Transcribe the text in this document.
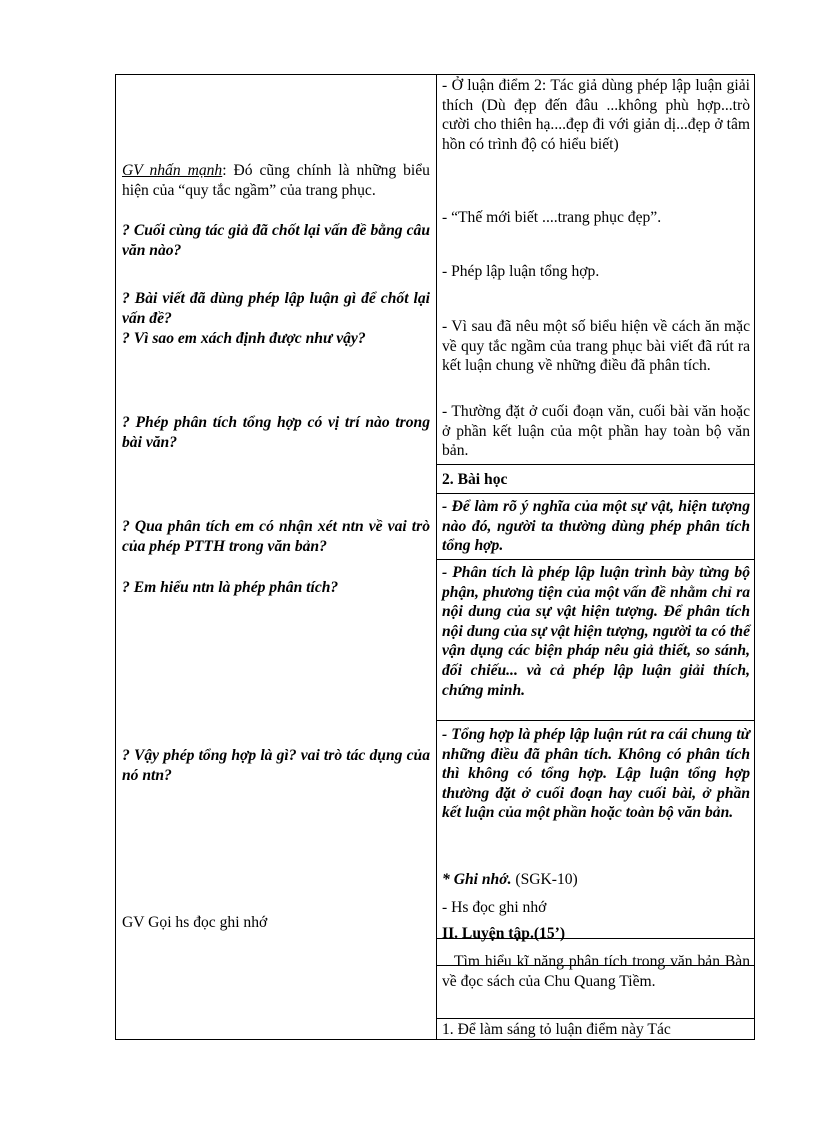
GV nhấn mạnh: Đó cũng chính là những biểu hiện của “quy tắc ngầm” của trang phục.
? Cuối cùng tác giả đã chốt lại vấn đề bằng câu văn nào?
? Bài viết đã dùng phép lập luận gì để chốt lại vấn đề?
? Vì sao em xách định được như vậy?
? Phép phân tích tổng hợp có vị trí nào trong bài văn?
? Qua phân tích em có nhận xét ntn về vai trò của phép PTTH trong văn bản?
? Em hiểu ntn là phép phân tích?
? Vậy phép tổng hợp là gì? vai trò tác dụng của nó ntn?
GV Gọi hs đọc ghi nhớ
- Ở luận điểm 2: Tác giả dùng phép lập luận giải thích (Dù đẹp đến đâu ...không phù hợp...trò cười cho thiên hạ....đẹp đi với giản dị...đẹp ở tâm hồn có trình độ có hiểu biết)
- “Thế mới biết ....trang phục đẹp”.
- Phép lập luận tổng hợp.
- Vì sau đã nêu một số biểu hiện về cách ăn mặc về quy tắc ngầm của trang phục bài viết đã rút ra kết luận chung về những điều đã phân tích.
- Thường đặt ở cuối đoạn văn, cuối bài văn hoặc ở phần kết luận của một phần hay toàn bộ văn bản.
2. Bài học
- Để làm rõ ý nghĩa của một sự vật, hiện tượng nào đó, người ta thường dùng phép phân tích tổng hợp.
- Phân tích là phép lập luận trình bày từng bộ phận, phương tiện của một vấn đề nhằm chỉ ra nội dung của sự vật hiện tượng. Để phân tích nội dung của sự vật hiện tượng, người ta có thể vận dụng các biện pháp nêu giả thiết, so sánh, đối chiếu... và cả phép lập luận giải thích, chứng minh.
- Tổng hợp là phép lập luận rút ra cái chung từ những điều đã phân tích. Không có phân tích thì không có tổng hợp. Lập luận tổng hợp thường đặt ở cuối đoạn hay cuối bài, ở phần kết luận của một phần hoặc toàn bộ văn bản.
* Ghi nhớ. (SGK-10)
- Hs đọc ghi nhớ
II. Luyện tập.(15’)
Tìm hiểu kĩ năng phân tích trong văn bản Bàn về đọc sách của Chu Quang Tiềm.
1. Để làm sáng tỏ luận điểm này Tác
